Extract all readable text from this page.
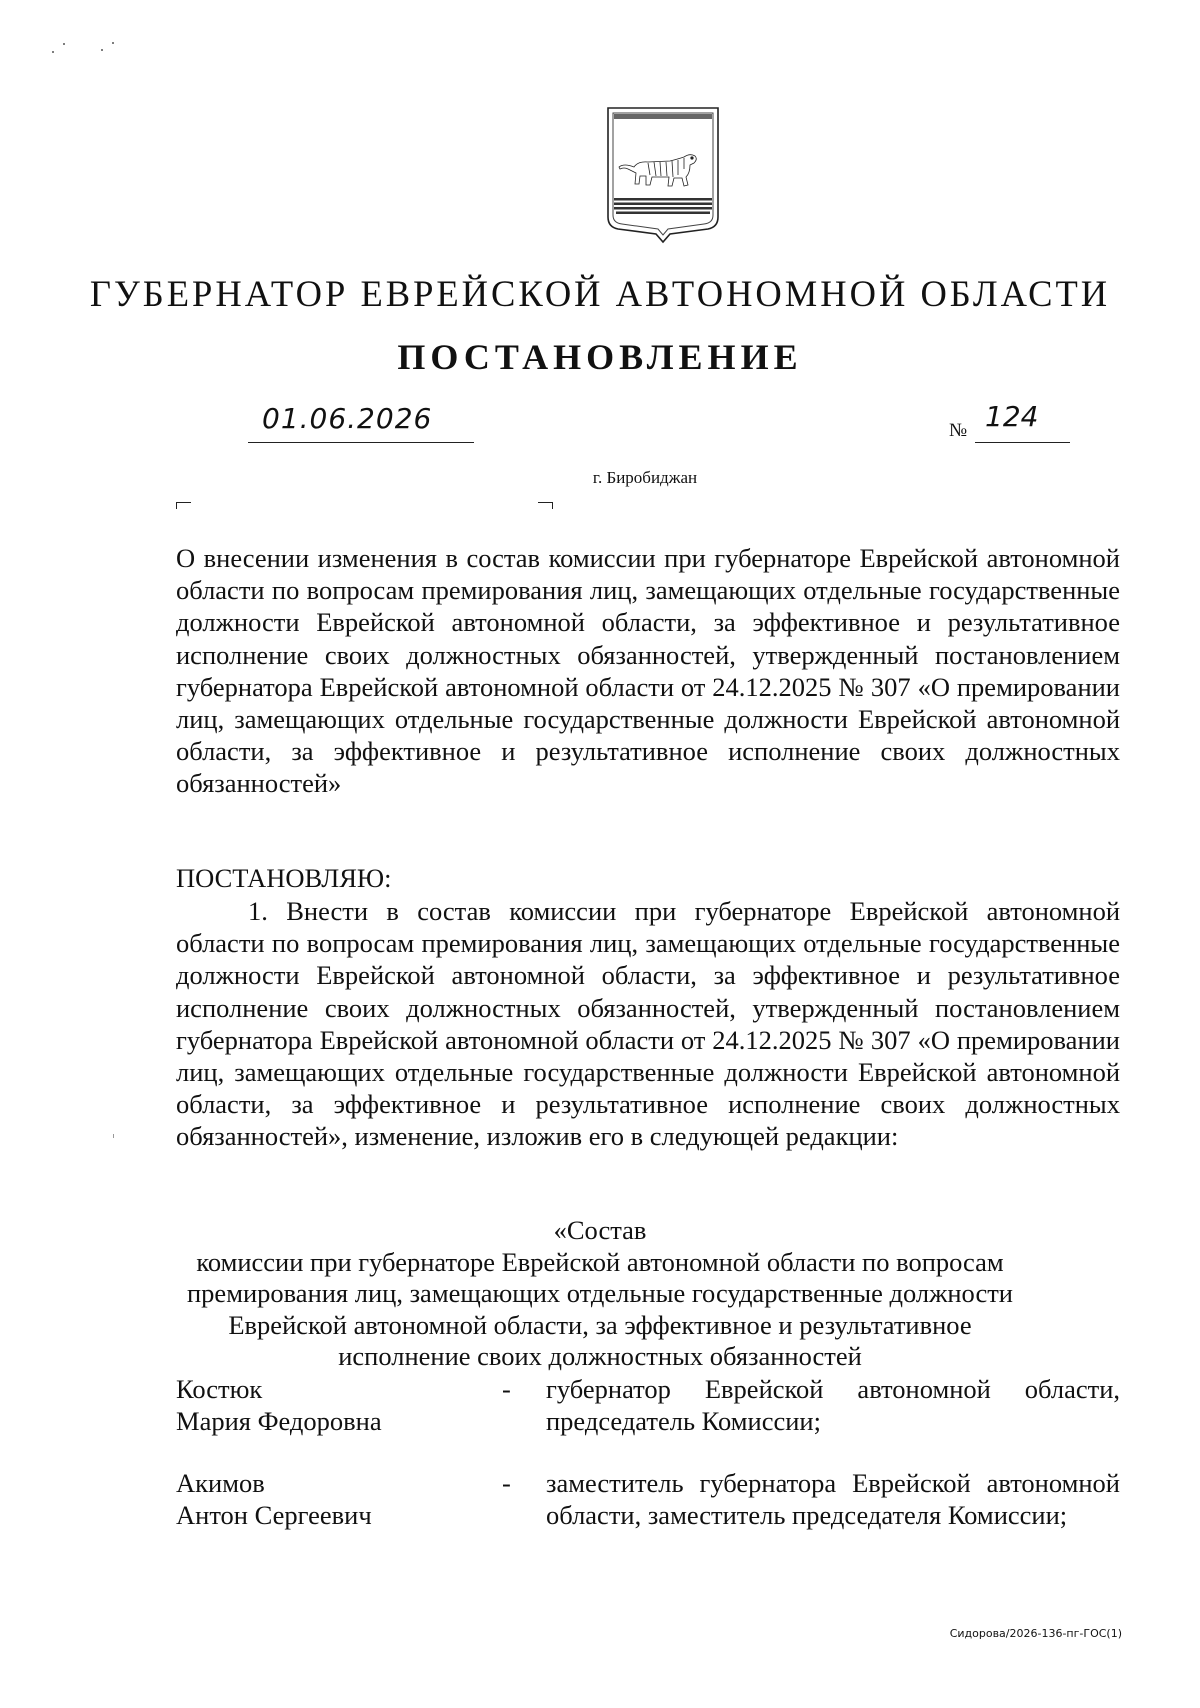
ГУБЕРНАТОР ЕВРЕЙСКОЙ АВТОНОМНОЙ ОБЛАСТИ
ПОСТАНОВЛЕНИЕ
01.06.2026	№ 124
г. Биробиджан
О внесении изменения в состав комиссии при губернаторе Еврейской автономной области по вопросам премирования лиц, замещающих отдельные государственные должности Еврейской автономной области, за эффективное и результативное исполнение своих должностных обязанностей, утвержденный постановлением губернатора Еврейской автономной области от 24.12.2025 № 307 «О премировании лиц, замещающих отдельные государственные должности Еврейской автономной области, за эффективное и результативное исполнение своих должностных обязанностей»
ПОСТАНОВЛЯЮ:
1. Внести в состав комиссии при губернаторе Еврейской автономной области по вопросам премирования лиц, замещающих отдельные государственные должности Еврейской автономной области, за эффективное и результативное исполнение своих должностных обязанностей, утвержденный постановлением губернатора Еврейской автономной области от 24.12.2025 № 307 «О премировании лиц, замещающих отдельные государственные должности Еврейской автономной области, за эффективное и результативное исполнение своих должностных обязанностей», изменение, изложив его в следующей редакции:
«Состав
комиссии при губернаторе Еврейской автономной области по вопросам
премирования лиц, замещающих отдельные государственные должности
Еврейской автономной области, за эффективное и результативное
исполнение своих должностных обязанностей
Костюк
Мария Федоровна
- губернатор Еврейской автономной области, председатель Комиссии;
Акимов
Антон Сергеевич
- заместитель губернатора Еврейской автономной области, заместитель председателя Комиссии;
Сидорова/2026-136-пг-ГОС(1)
